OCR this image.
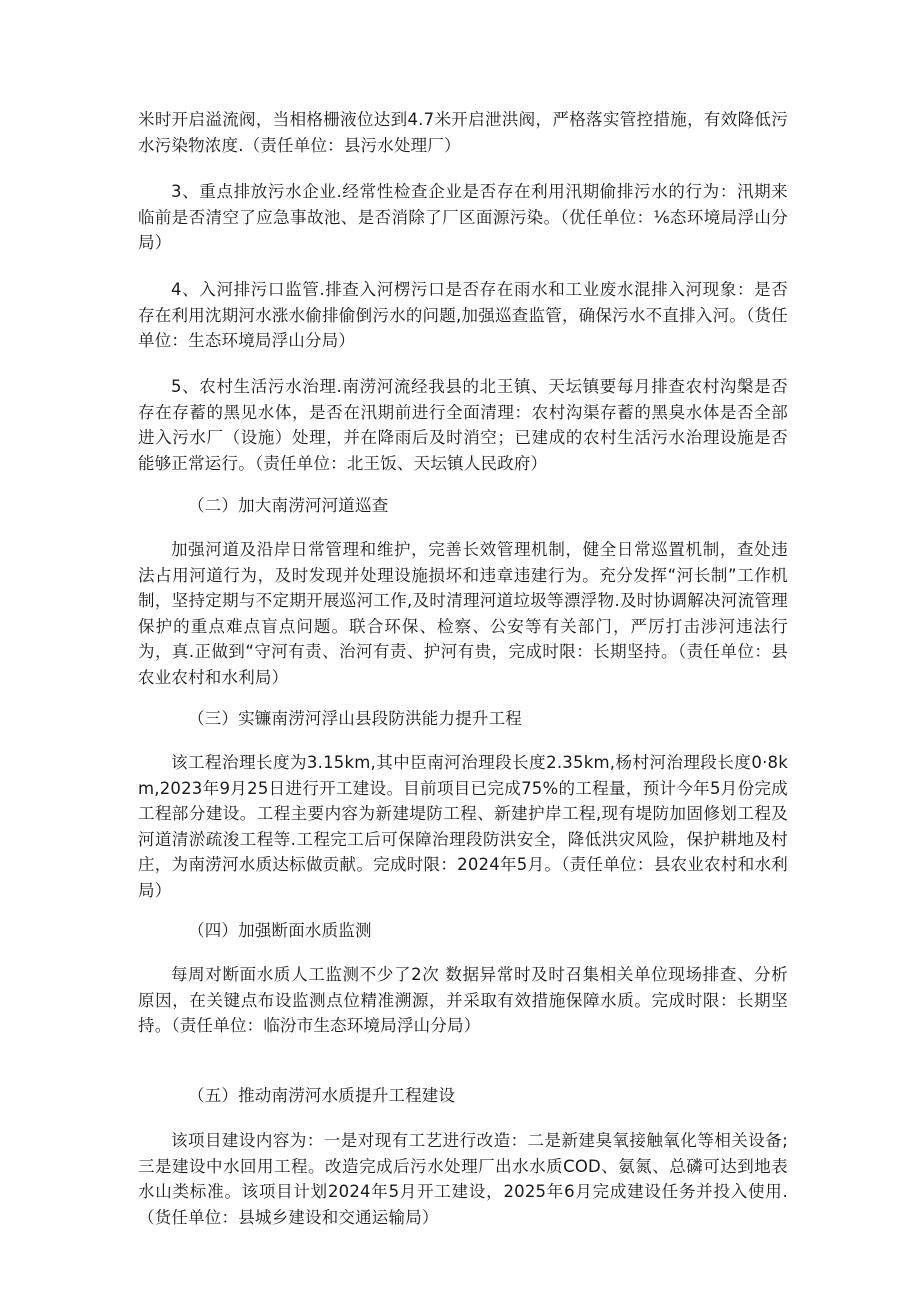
米时开启溢流阀，当相格栅液位达到4.7米开启泄洪阀，严格落实管控措施，有效降低污水污染物浓度.（责任单位：县污水处理厂）

3、重点排放污水企业.经常性检查企业是否存在利用汛期偷排污水的行为：汛期来临前是否清空了应急事故池、是否消除了厂区面源污染。（优任单位：⅙态环境局浮山分局）

4、入河排污口监管.排查入河楞污口是否存在雨水和工业废水混排入河现象：是否存在利用沈期河水涨水偷排偷倒污水的问题,加强巡查监管，确保污水不直排入河。（货任单位：生态环境局浮山分局）

5、农村生活污水治理.南涝河流经我县的北王镇、天坛镇要每月排查农村沟槃是否存在存蓄的黑见水体，是否在汛期前进行全面清理：农村沟渠存蓄的黑臭水体是否全部进入污水厂（设施）处理，并在降雨后及时消空；已建成的农村生活污水治理设施是否能够正常运行。（责任单位：北王饭、天坛镇人民政府）

（二）加大南涝河河道巡查

加强河道及沿岸日常管理和维护，完善长效管理机制，健全日常巡置机制，查处违法占用河道行为，及时发现并处理设施损坏和违章违建行为。充分发挥“河长制”工作机制，坚持定期与不定期开展巡河工作,及时清理河道垃圾等漂浮物.及时协调解决河流管理保护的重点难点盲点问题。联合环保、检察、公安等有关部门，严厉打击涉河违法行为，真.正做到“守河有责、治河有责、护河有贵，完成时限：长期坚持。（责任单位：县农业农村和水利局）

（三）实镰南涝河浮山县段防洪能力提升工程

该工程治理长度为3.15km,其中臣南河治理段长度2.35km,杨村河治理段长度0·8km,2023年9月25日进行开工建设。目前项目已完成75%的工程量，预计今年5月份完成工程部分建设。工程主要内容为新建堤防工程、新建护岸工程,现有堤防加固修划工程及河道清淤疏浚工程等.工程完工后可保障治理段防洪安全，降低洪灾风险，保护耕地及村庄，为南涝河水质达标做贡献。完成时限：2024年5月。（责任单位：县农业农村和水利局）

（四）加强断面水质监测

每周对断面水质人工监测不少了2次 数据异常时及时召集相关单位现场排查、分析原因，在关键点布设监测点位精准溯源，并采取有效措施保障水质。完成时限：长期坚持。（责任单位：临汾市生态环境局浮山分局）

（五）推动南涝河水质提升工程建设

该项目建设内容为：一是对现有工艺进行改造：二是新建臭氧接触氧化等相关设备;三是建设中水回用工程。改造完成后污水处理厂出水水质COD、氨氮、总磷可达到地表水山类标准。该项目计划2024年5月开工建设，2025年6月完成建设任务并投入使用.（货任单位：县城乡建设和交通运输局）
